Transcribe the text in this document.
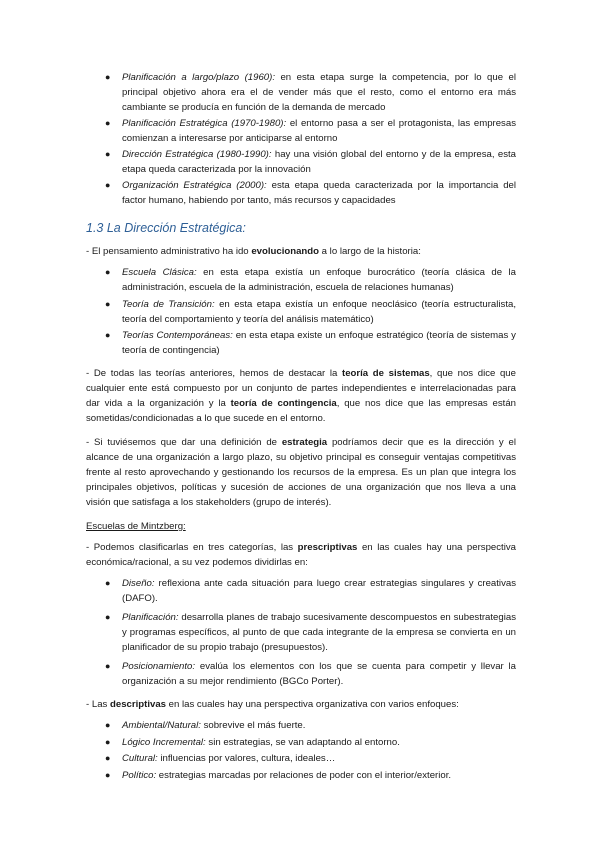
● Planificación a largo/plazo (1960): en esta etapa surge la competencia, por lo que el principal objetivo ahora era el de vender más que el resto, como el entorno era más cambiante se producía en función de la demanda de mercado
● Planificación Estratégica (1970-1980): el entorno pasa a ser el protagonista, las empresas comienzan a interesarse por anticiparse al entorno
● Dirección Estratégica (1980-1990): hay una visión global del entorno y de la empresa, esta etapa queda caracterizada por la innovación
● Organización Estratégica (2000): esta etapa queda caracterizada por la importancia del factor humano, habiendo por tanto, más recursos y capacidades
1.3 La Dirección Estratégica:

- El pensamiento administrativo ha ido evolucionando a lo largo de la historia:

● Escuela Clásica: en esta etapa existía un enfoque burocrático (teoría clásica de la administración, escuela de la administración, escuela de relaciones humanas)
● Teoría de Transición: en esta etapa existía un enfoque neoclásico (teoría estructuralista, teoría del comportamiento y teoría del análisis matemático)
● Teorías Contemporáneas: en esta etapa existe un enfoque estratégico (teoría de sistemas y teoría de contingencia)

- De todas las teorías anteriores, hemos de destacar la teoría de sistemas, que nos dice que cualquier ente está compuesto por un conjunto de partes independientes e interrelacionadas para dar vida a la organización y la teoría de contingencia, que nos dice que las empresas están sometidas/condicionadas a lo que sucede en el entorno.

- Si tuviésemos que dar una definición de estrategia podríamos decir que es la dirección y el alcance de una organización a largo plazo, su objetivo principal es conseguir ventajas competitivas frente al resto aprovechando y gestionando los recursos de la empresa. Es un plan que integra los principales objetivos, políticas y sucesión de acciones de una organización que nos lleva a una visión que satisfaga a los stakeholders (grupo de interés).

Escuelas de Mintzberg:

- Podemos clasificarlas en tres categorías, las prescriptivas en las cuales hay una perspectiva económica/racional, a su vez podemos dividirlas en:

● Diseño: reflexiona ante cada situación para luego crear estrategias singulares y creativas (DAFO).
● Planificación: desarrolla planes de trabajo sucesivamente descompuestos en subestrategias y programas específicos, al punto de que cada integrante de la empresa se convierta en un planificador de su propio trabajo (presupuestos).
● Posicionamiento: evalúa los elementos con los que se cuenta para competir y llevar la organización a su mejor rendimiento (BGCo Porter).

- Las descriptivas en las cuales hay una perspectiva organizativa con varios enfoques:

● Ambiental/Natural: sobrevive el más fuerte.
● Lógico Incremental: sin estrategias, se van adaptando al entorno.
● Cultural: influencias por valores, cultura, ideales…
● Político: estrategias marcadas por relaciones de poder con el interior/exterior.
